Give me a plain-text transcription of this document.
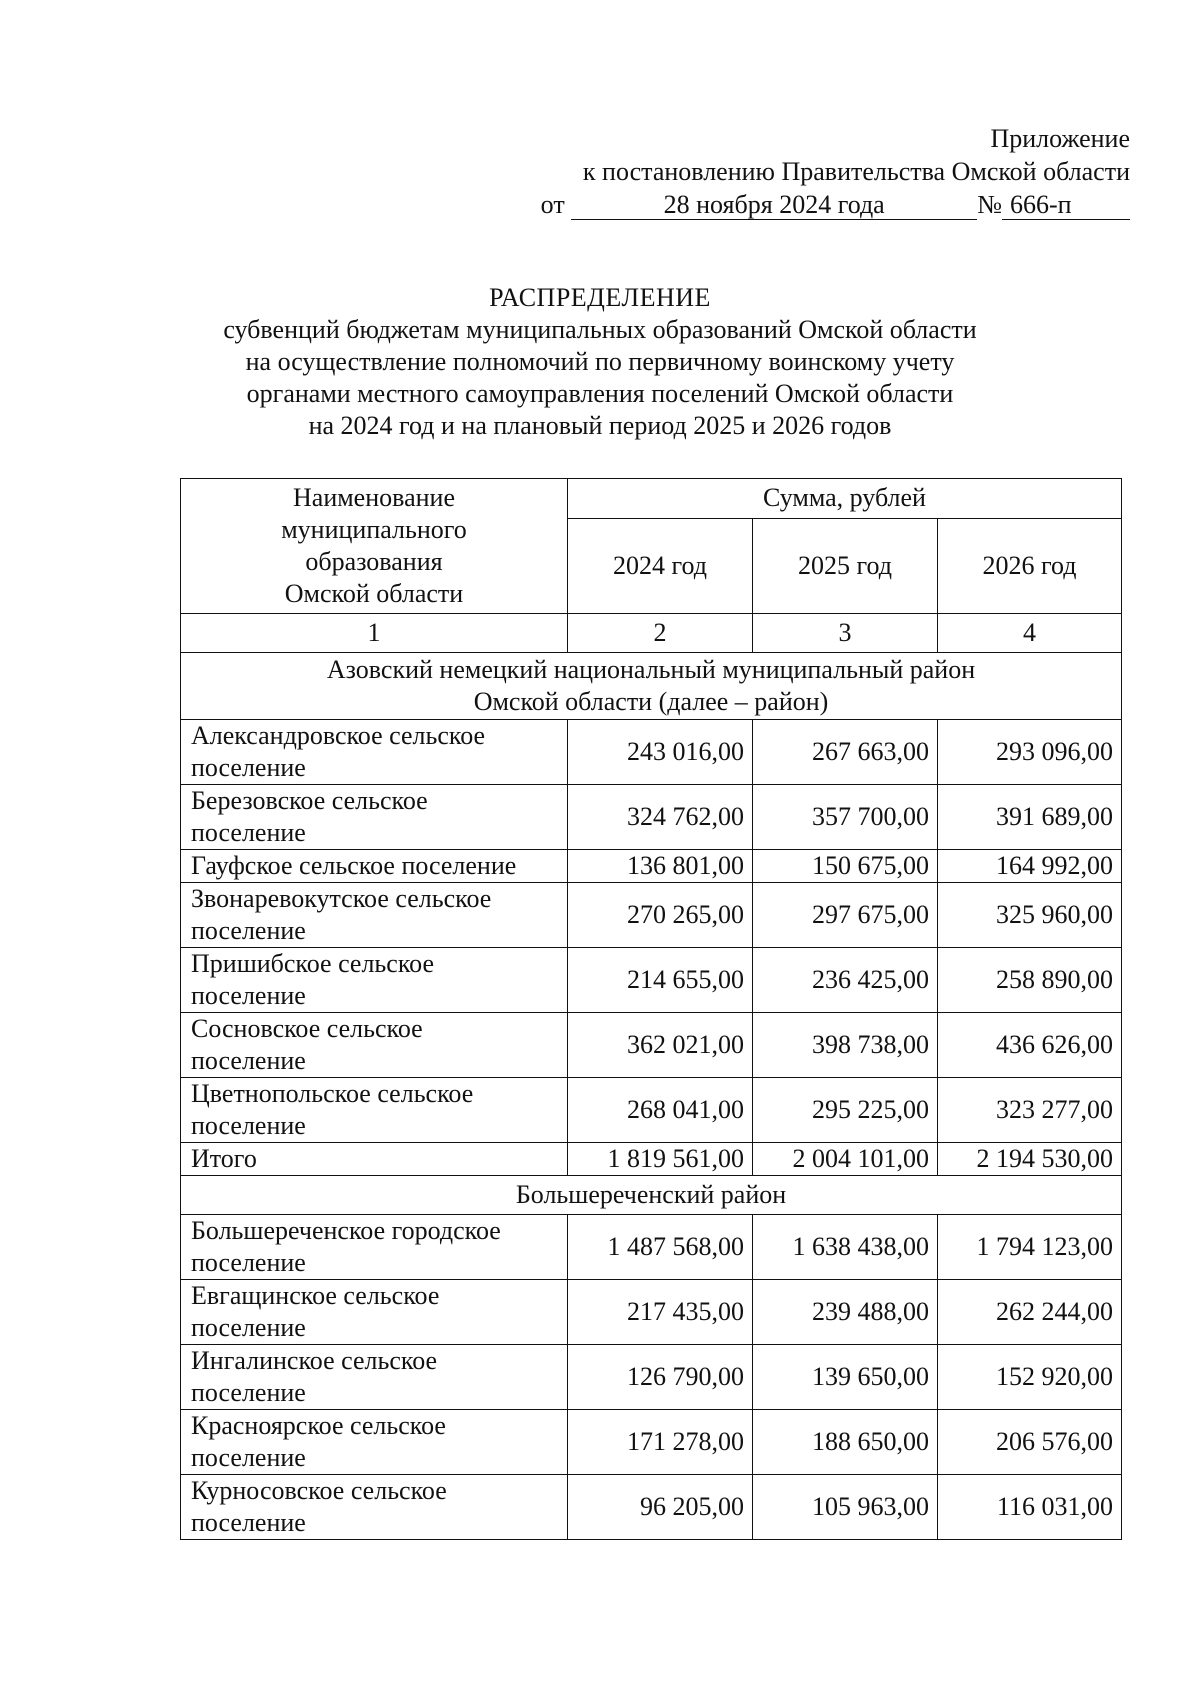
Приложение
к постановлению Правительства Омской области
от	28 ноября 2024 года	№ 666-п
РАСПРЕДЕЛЕНИЕ
субвенций бюджетам муниципальных образований Омской области
на осуществление полномочий по первичному воинскому учету
органами местного самоуправления поселений Омской области
на 2024 год и на плановый период 2025 и 2026 годов
Наименование
муниципального
образования
Омской области	Сумма, рублей		
	2024 год	2025 год	2026 год
1	2	3	4

Азовский немецкий национальный муниципальный район
Омской области (далее – район)			

Александровское сельское
поселение	243 016,00	267 663,00	293 096,00

Березовское сельское
поселение	324 762,00	357 700,00	391 689,00

Гауфское сельское поселение	136 801,00	150 675,00	164 992,00

Звонаревокутское сельское
поселение	270 265,00	297 675,00	325 960,00

Пришибское сельское
поселение	214 655,00	236 425,00	258 890,00

Сосновское сельское
поселение	362 021,00	398 738,00	436 626,00

Цветнопольское сельское
поселение	268 041,00	295 225,00	323 277,00

Итого	1 819 561,00	2 004 101,00	2 194 530,00

Большереченский район			

Большереченское городское
поселение	1 487 568,00	1 638 438,00	1 794 123,00

Евгащинское сельское
поселение	217 435,00	239 488,00	262 244,00

Ингалинское сельское
поселение	126 790,00	139 650,00	152 920,00

Красноярское сельское
поселение	171 278,00	188 650,00	206 576,00

Курносовское сельское
поселение	96 205,00	105 963,00	116 031,00
